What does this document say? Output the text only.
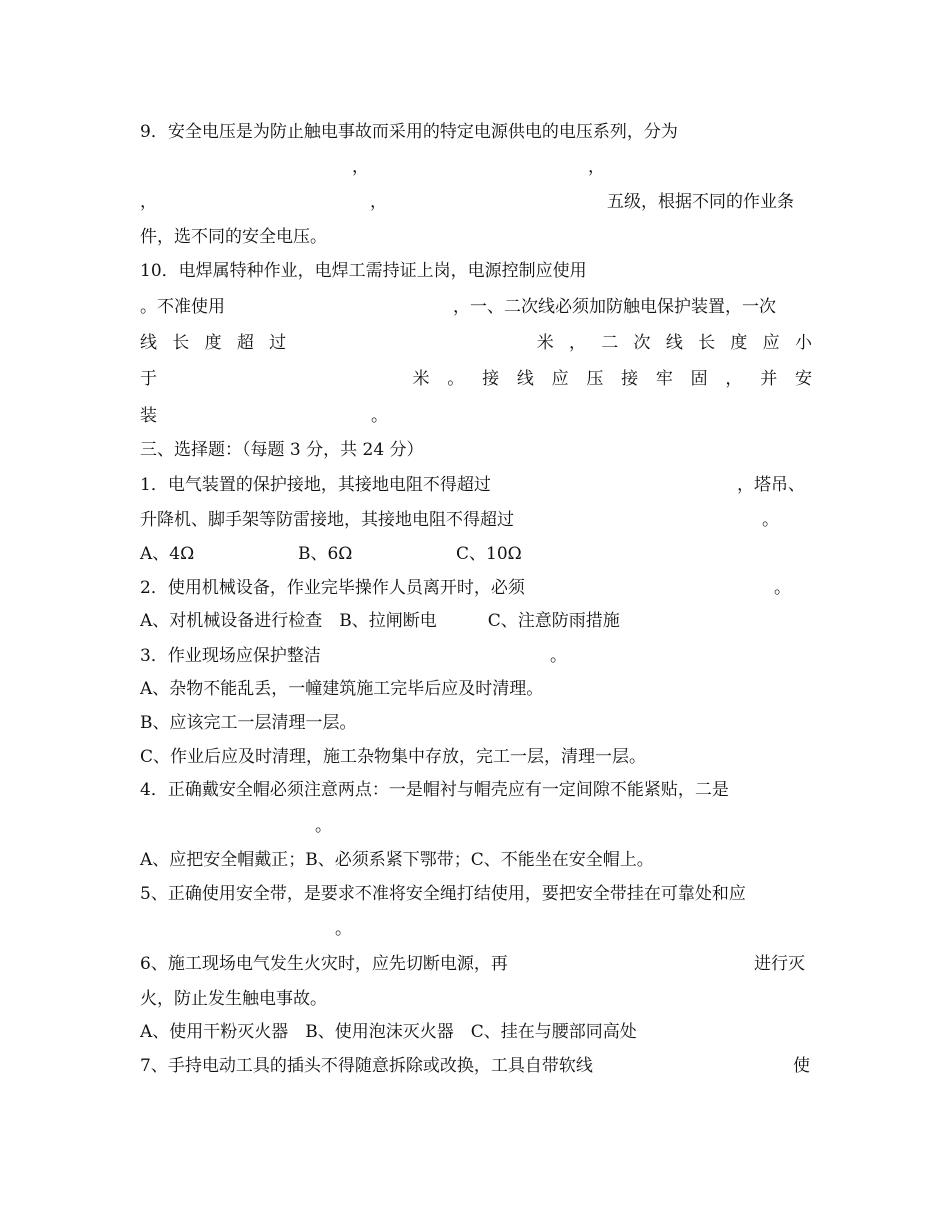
9．安全电压是为防止触电事故而采用的特定电源供电的电压系列，分为
，	，
，	，	五级，根据不同的作业条
件，选不同的安全电压。
10．电焊属特种作业，电焊工需持证上岗，电源控制应使用
。不准使用	，一、二次线必须加防触电保护装置，一次
线 长 度 超 过	米 ， 二 次 线 长 度 应 小
于	米 。 接 线 应 压 接 牢 固 ， 并 安
装	。
三、选择题：（每题 3 分，共 24 分）
1．电气装置的保护接地，其接地电阻不得超过	，塔吊、
升降机、脚手架等防雷接地，其接地电阻不得超过	。
A、4Ω	B、6Ω	C、10Ω
2．使用机械设备，作业完毕操作人员离开时，必须	。
A、对机械设备进行检查　B、拉闸断电　　　C、注意防雨措施
3．作业现场应保护整洁	。
A、杂物不能乱丢，一幢建筑施工完毕后应及时清理。
B、应该完工一层清理一层。
C、作业后应及时清理，施工杂物集中存放，完工一层，清理一层。
4．正确戴安全帽必须注意两点：一是帽衬与帽壳应有一定间隙不能紧贴，二是
。
A、应把安全帽戴正；B、必须系紧下鄂带；C、不能坐在安全帽上。
5、正确使用安全带，是要求不准将安全绳打结使用，要把安全带挂在可靠处和应
。
6、施工现场电气发生火灾时，应先切断电源，再	进行灭
火，防止发生触电事故。
A、使用干粉灭火器　B、使用泡沫灭火器　C、挂在与腰部同高处
7、手持电动工具的插头不得随意拆除或改换，工具自带软线	使
